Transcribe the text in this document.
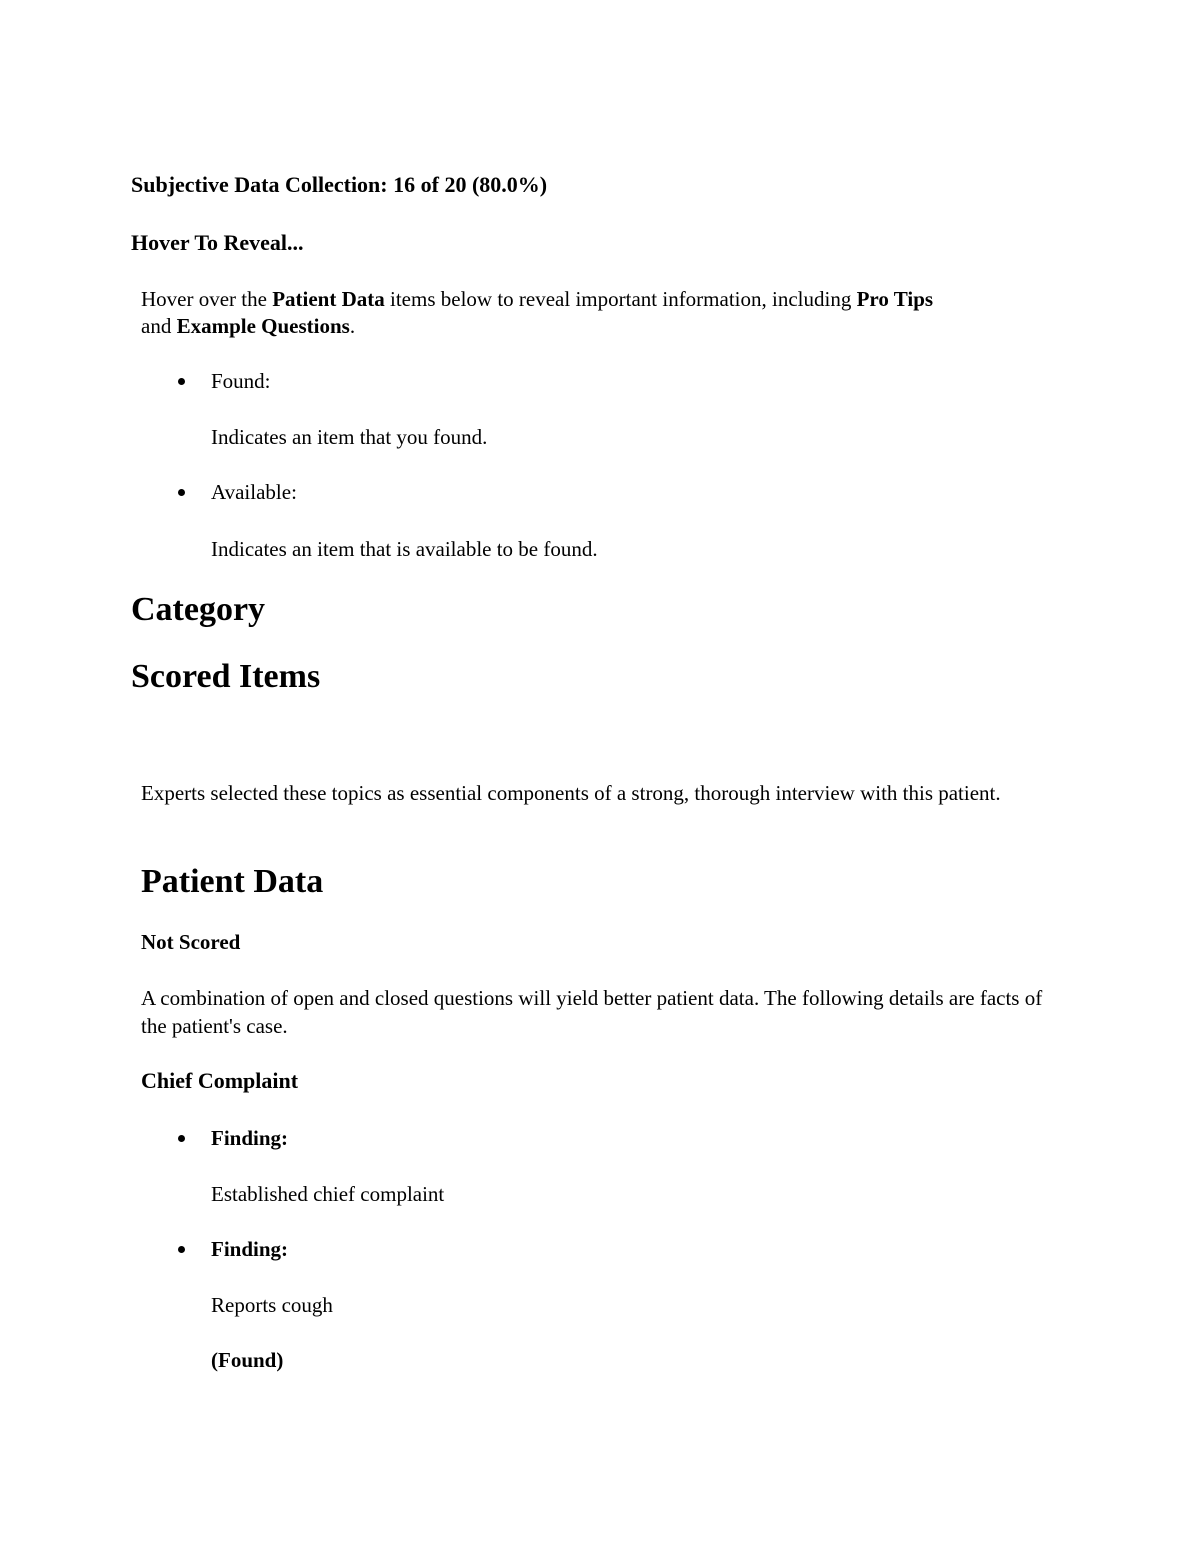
Subjective Data Collection: 16 of 20 (80.0%)
Hover To Reveal...
Hover over the Patient Data items below to reveal important information, including Pro Tips
and Example Questions.
Found:
Indicates an item that you found.
Available:
Indicates an item that is available to be found.
Category
Scored Items
Experts selected these topics as essential components of a strong, thorough interview with this patient.
Patient Data
Not Scored
A combination of open and closed questions will yield better patient data. The following details are facts of the patient's case.
Chief Complaint
Finding:
Established chief complaint
Finding:
Reports cough
(Found)
